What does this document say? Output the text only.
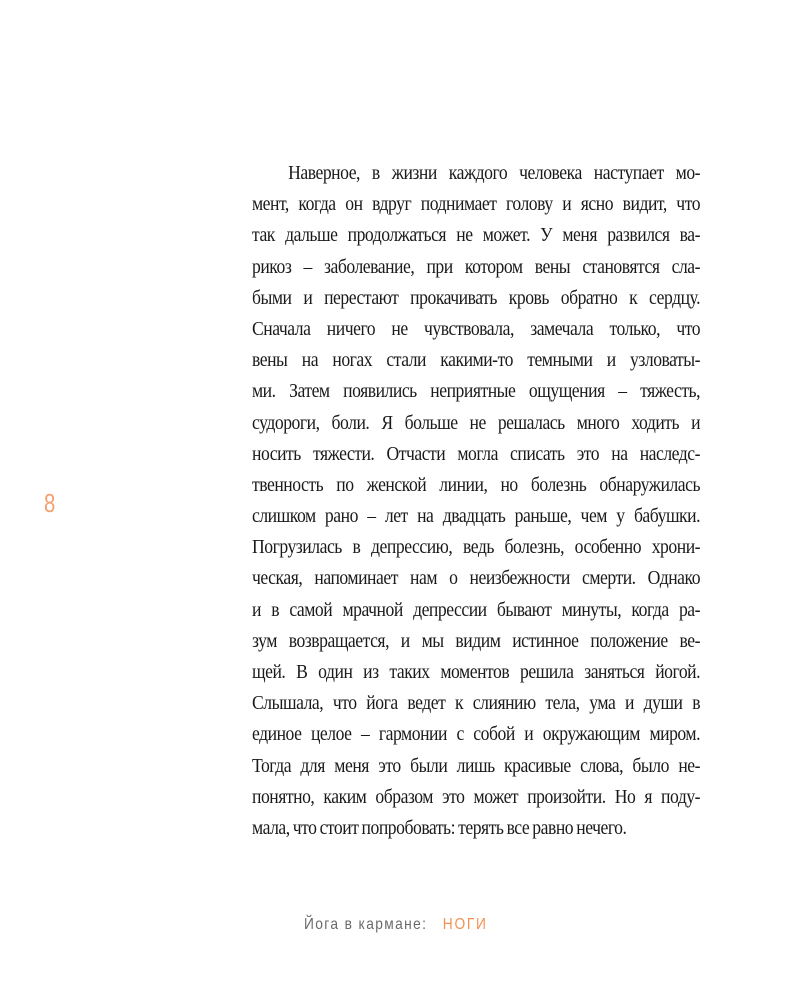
8
Наверное, в жизни каждого человека наступает мо-
мент, когда он вдруг поднимает голову и ясно видит, что
так дальше продолжаться не может. У меня развился ва-
рикоз – заболевание, при котором вены становятся сла-
быми и перестают прокачивать кровь обратно к сердцу.
Сначала ничего не чувствовала, замечала только, что
вены на ногах стали какими-то темными и узловаты-
ми. Затем появились неприятные ощущения – тяжесть,
судороги, боли. Я больше не решалась много ходить и
носить тяжести. Отчасти могла списать это на наследс-
твенность по женской линии, но болезнь обнаружилась
слишком рано – лет на двадцать раньше, чем у бабушки.
Погрузилась в депрессию, ведь болезнь, особенно хрони-
ческая, напоминает нам о неизбежности смерти. Однако
и в самой мрачной депрессии бывают минуты, когда ра-
зум возвращается, и мы видим истинное положение ве-
щей. В один из таких моментов решила заняться йогой.
Слышала, что йога ведет к слиянию тела, ума и души в
единое целое – гармонии с собой и окружающим миром.
Тогда для меня это были лишь красивые слова, было не-
понятно, каким образом это может произойти. Но я поду-
мала, что стоит попробовать: терять все равно нечего.
Йога в кармане: НОГИ
